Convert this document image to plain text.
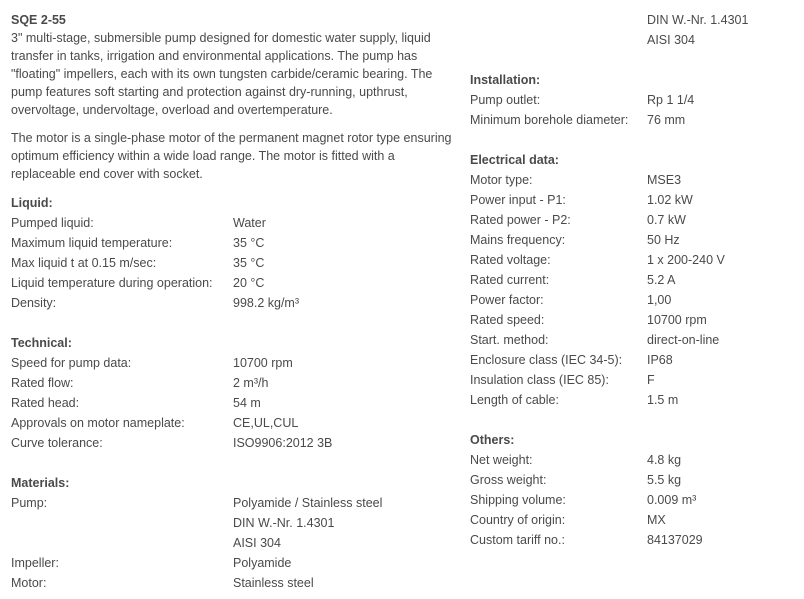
SQE 2-55

3" multi-stage, submersible pump designed for domestic water supply, liquid transfer in tanks, irrigation and environmental applications. The pump has "floating" impellers, each with its own tungsten carbide/ceramic bearing. The pump features soft starting and protection against dry-running, upthrust, overvoltage, undervoltage, overload and overtemperature.

The motor is a single-phase motor of the permanent magnet rotor type ensuring optimum efficiency within a wide load range. The motor is fitted with a replaceable end cover with socket.

Liquid:
Pumped liquid:	Water
Maximum liquid temperature:	35 °C
Max liquid t at 0.15 m/sec:	35 °C
Liquid temperature during operation:	20 °C
Density:	998.2 kg/m³
Technical:
Speed for pump data:	10700 rpm
Rated flow:	2 m³/h
Rated head:	54 m
Approvals on motor nameplate:	CE,UL,CUL
Curve tolerance:	ISO9906:2012 3B
Materials:
Pump:	Polyamide / Stainless steel
DIN W.-Nr. 1.4301
AISI 304
Impeller:	Polyamide
Motor:	Stainless steel
DIN W.-Nr. 1.4301
AISI 304
Installation:
Pump outlet:	Rp 1 1/4
Minimum borehole diameter:	76 mm
Electrical data:
Motor type:	MSE3
Power input - P1:	1.02 kW
Rated power - P2:	0.7 kW
Mains frequency:	50 Hz
Rated voltage:	1 x 200-240 V
Rated current:	5.2 A
Power factor:	1,00
Rated speed:	10700 rpm
Start. method:	direct-on-line
Enclosure class (IEC 34-5):	IP68
Insulation class (IEC 85):	F
Length of cable:	1.5 m
Others:
Net weight:	4.8 kg
Gross weight:	5.5 kg
Shipping volume:	0.009 m³
Country of origin:	MX
Custom tariff no.:	84137029
